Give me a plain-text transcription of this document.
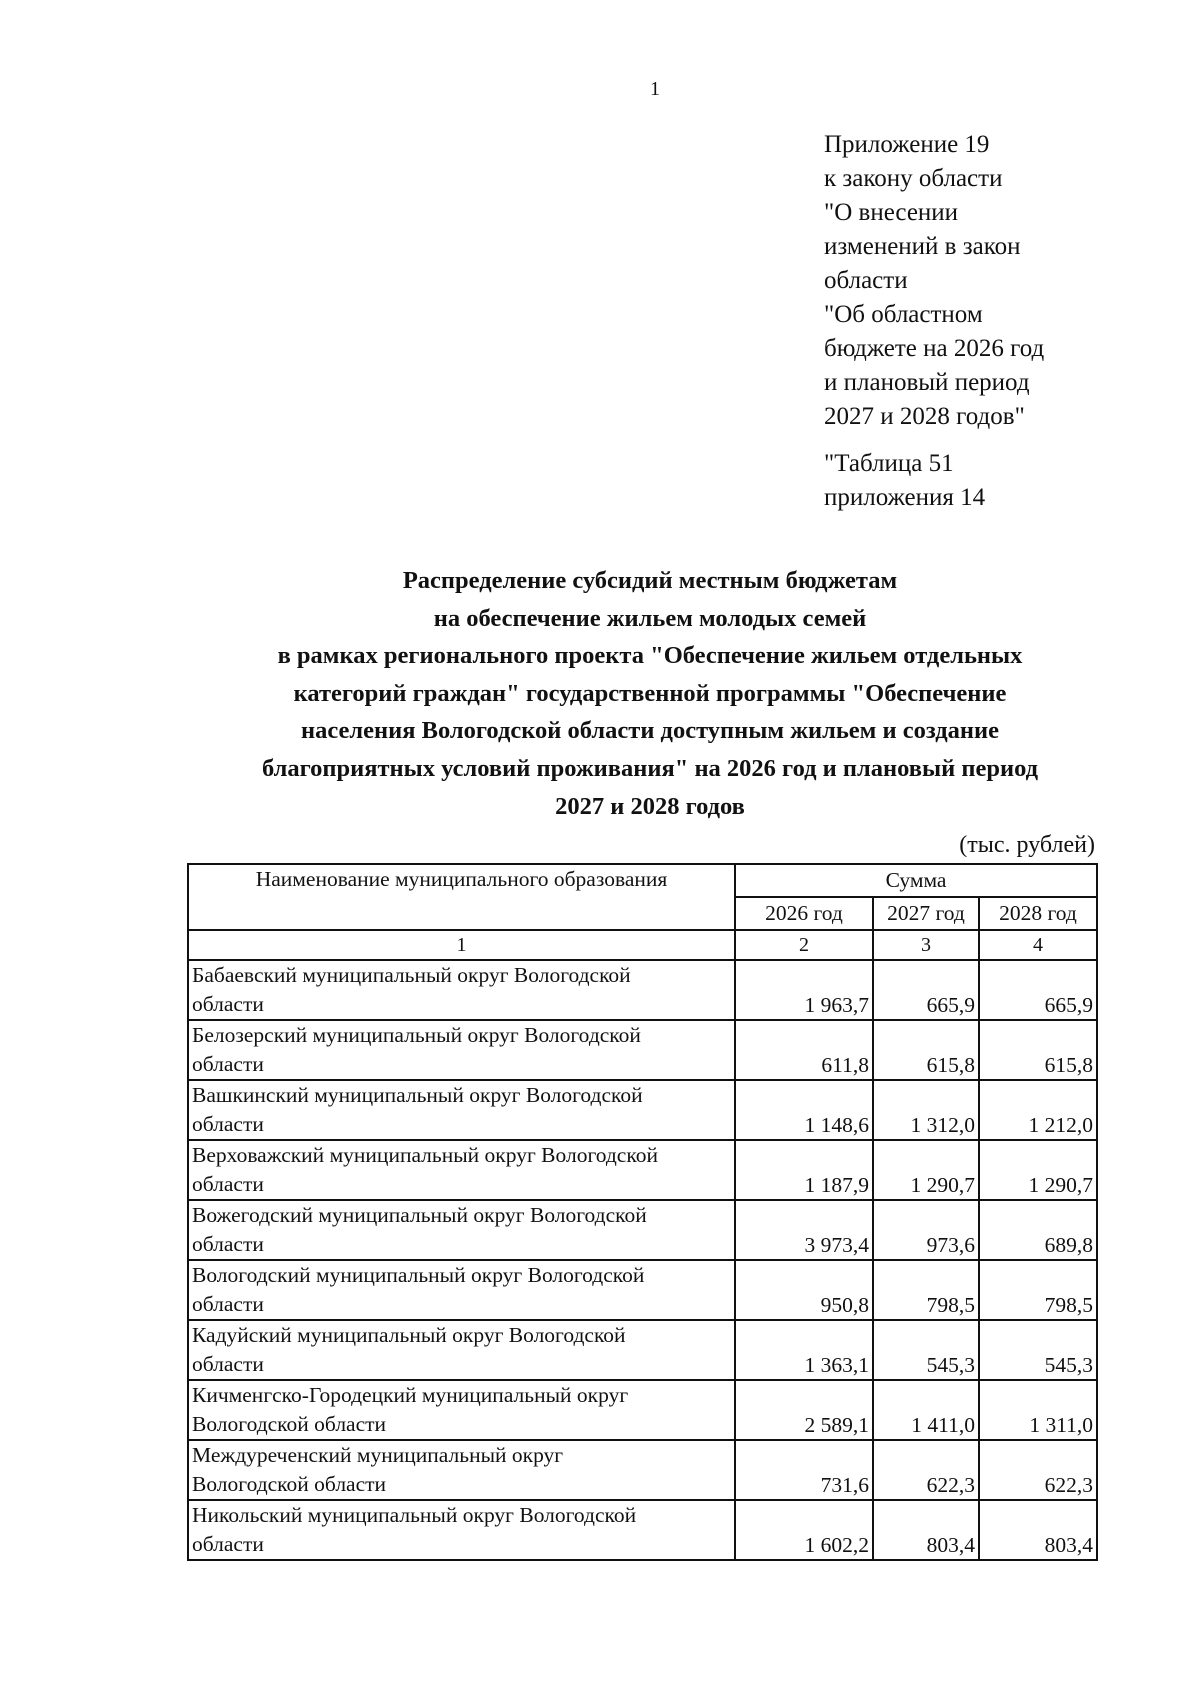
1
Приложение 19
к закону области
"О внесении
изменений в закон
области
"Об областном
бюджете на 2026 год
и плановый период
2027 и 2028 годов"
"Таблица 51
приложения 14
Распределение субсидий местным бюджетам
на обеспечение жильем молодых семей
в рамках регионального проекта "Обеспечение жильем отдельных
категорий граждан" государственной программы "Обеспечение
населения Вологодской области доступным жильем и создание
благоприятных условий проживания" на 2026 год и плановый период
2027 и 2028 годов
(тыс. рублей)
Наименование муниципального образования	Сумма		
	2026 год	2027 год	2028 год
1	2	3	4

Бабаевский муниципальный округ Вологодской
области	1 963,7	665,9	665,9

Белозерский муниципальный округ Вологодской
области	611,8	615,8	615,8

Вашкинский муниципальный округ Вологодской
области	1 148,6	1 312,0	1 212,0

Верховажский муниципальный округ Вологодской
области	1 187,9	1 290,7	1 290,7

Вожегодский муниципальный округ Вологодской
области	3 973,4	973,6	689,8

Вологодский муниципальный округ Вологодской
области	950,8	798,5	798,5

Кадуйский муниципальный округ Вологодской
области	1 363,1	545,3	545,3

Кичменгско-Городецкий муниципальный округ
Вологодской области	2 589,1	1 411,0	1 311,0

Междуреченский муниципальный округ
Вологодской области	731,6	622,3	622,3

Никольский муниципальный округ Вологодской
области	1 602,2	803,4	803,4
